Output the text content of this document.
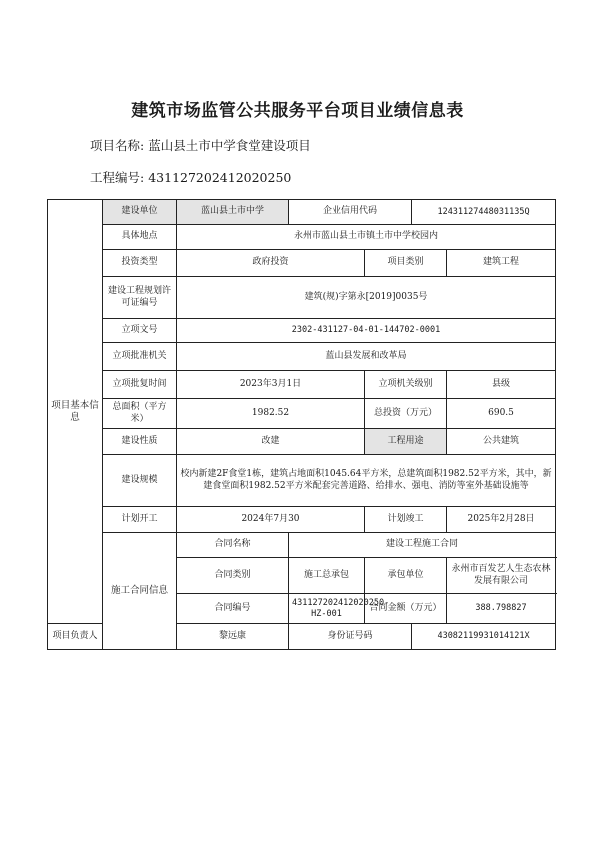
建筑市场监管公共服务平台项目业绩信息表
项目名称: 蓝山县土市中学食堂建设项目
工程编号: 431127202412020250
项目基本信息	建设单位	蓝山县土市中学	企业信用代码		12431127448031135Q	
	具体地点	永州市蓝山县土市镇土市中学校园内				
	投资类型	政府投资		项目类别		建筑工程
	建设工程规划许可证编号	建筑(规)字第永[2019]0035号				
	立项文号	2302-431127-04-01-144702-0001				
	立项批准机关	蓝山县发展和改革局				
	立项批复时间	2023年3月1日		立项机关级别		县级
	总面积（平方米）	1982.52		总投资（万元）		690.5
	建设性质	改建		工程用途		公共建筑
	建设规模	校内新建2F食堂1栋，建筑占地面积1045.64平方米，总建筑面积1982.52平方米，其中，新建食堂面积1982.52平方米配套完善道路、给排水、强电、消防等室外基础设施等				
	计划开工	2024年7月30		计划竣工		2025年2月28日
	施工合同信息	合同名称	建设工程施工合同			
		合同类别	施工总承包	承包单位		永州市百发艺人生态农林发展有限公司
		合同编号	431127202412020250-HZ-001	合同金额（万元）		388.798827
项目负责人		黎远康	身份证号码		43082119931014121X	
